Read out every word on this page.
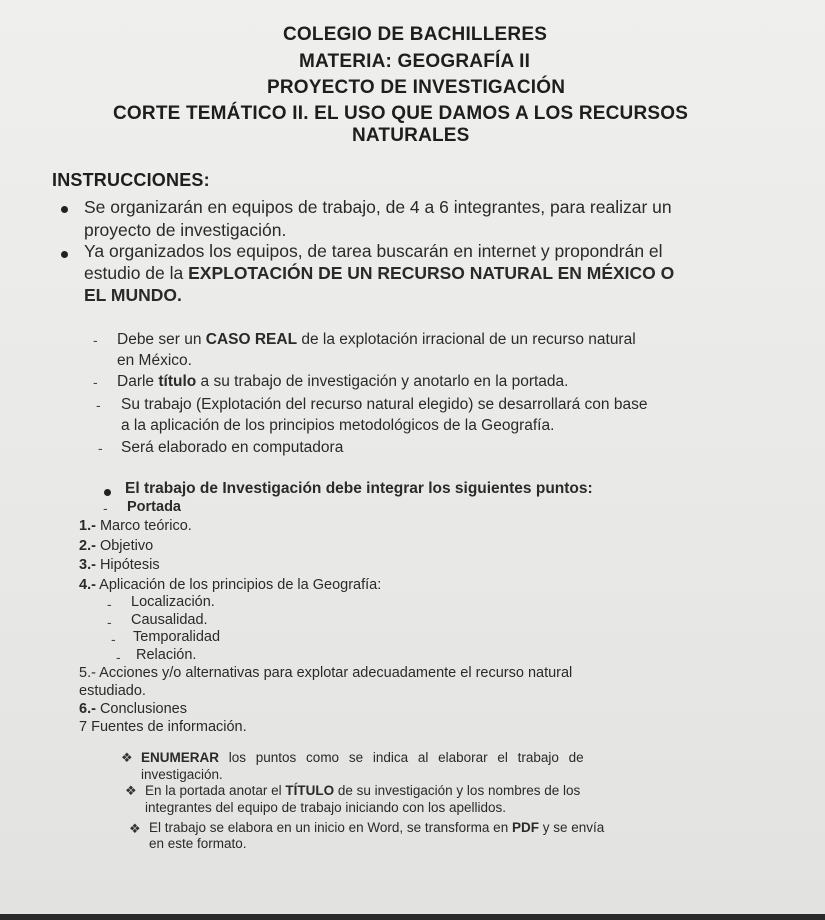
COLEGIO DE BACHILLERES
MATERIA: GEOGRAFÍA II
PROYECTO DE INVESTIGACIÓN
CORTE TEMÁTICO II. EL USO QUE DAMOS A LOS RECURSOS
NATURALES
INSTRUCCIONES:
Se organizarán en equipos de trabajo, de 4 a 6 integrantes, para realizar un
proyecto de investigación.
Ya organizados los equipos, de tarea buscarán en internet y propondrán el
estudio de la EXPLOTACIÓN DE UN RECURSO NATURAL EN MÉXICO O
EL MUNDO.
- Debe ser un CASO REAL de la explotación irracional de un recurso natural
en México.
- Darle título a su trabajo de investigación y anotarlo en la portada.
- Su trabajo (Explotación del recurso natural elegido) se desarrollará con base
a la aplicación de los principios metodológicos de la Geografía.
- Será elaborado en computadora
El trabajo de Investigación debe integrar los siguientes puntos:
- Portada
1.- Marco teórico.
2.- Objetivo
3.- Hipótesis
4.- Aplicación de los principios de la Geografía:
- Localización.
- Causalidad.
- Temporalidad
- Relación.
5.- Acciones y/o alternativas para explotar adecuadamente el recurso natural
estudiado.
6.- Conclusiones
7 Fuentes de información.
❖ ENUMERAR los puntos como se indica al elaborar el trabajo de
investigación.
❖ En la portada anotar el TÍTULO de su investigación y los nombres de los
integrantes del equipo de trabajo iniciando con los apellidos.
❖ El trabajo se elabora en un inicio en Word, se transforma en PDF y se envía
en este formato.
